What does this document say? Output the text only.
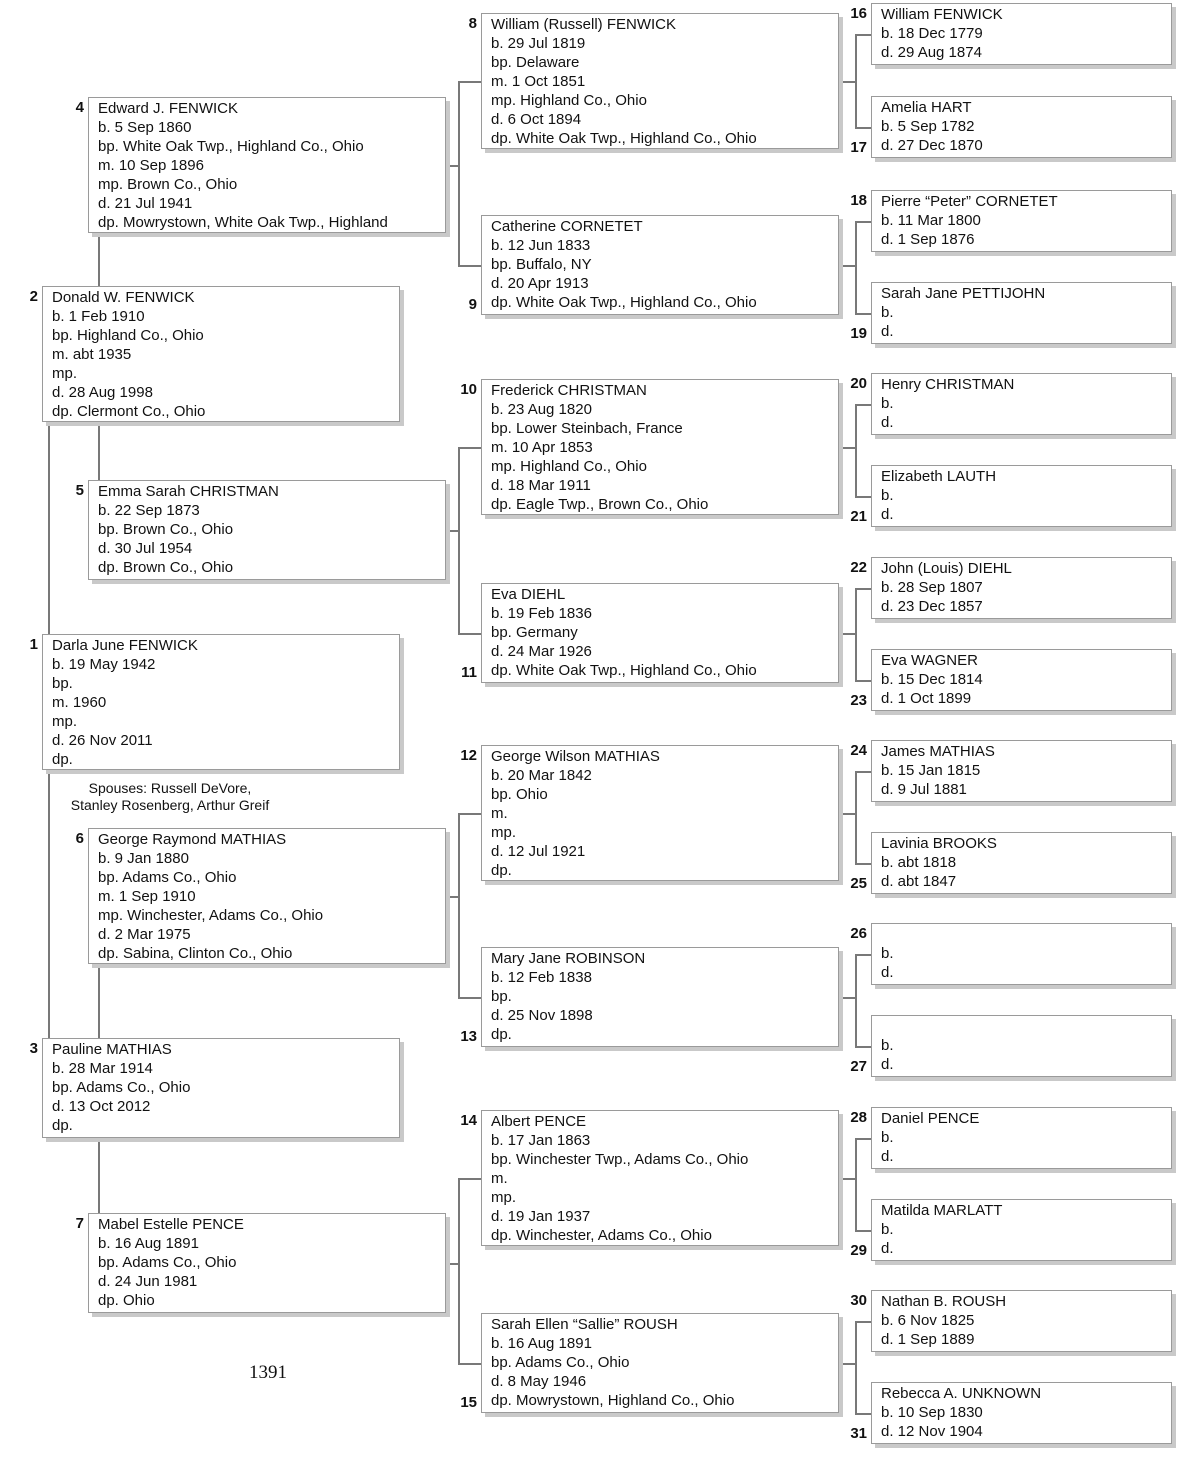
Edward J. FENWICK
b. 5 Sep 1860
bp. White Oak Twp., Highland Co., Ohio
m. 10 Sep 1896
mp. Brown Co., Ohio
d. 21 Jul 1941
dp. Mowrystown, White Oak Twp., Highland
4
Donald W. FENWICK
b. 1 Feb 1910
bp. Highland Co., Ohio
m. abt 1935
mp.
d. 28 Aug 1998
dp. Clermont Co., Ohio
2
Emma Sarah CHRISTMAN
b. 22 Sep 1873
bp. Brown Co., Ohio
d. 30 Jul 1954
dp. Brown Co., Ohio
5
Darla June FENWICK
b. 19 May 1942
bp.
m. 1960
mp.
d. 26 Nov 2011
dp.
1
Spouses: Russell DeVore,
Stanley Rosenberg, Arthur Greif
George Raymond MATHIAS
b. 9 Jan 1880
bp. Adams Co., Ohio
m. 1 Sep 1910
mp. Winchester, Adams Co., Ohio
d. 2 Mar 1975
dp. Sabina, Clinton Co., Ohio
6
Pauline MATHIAS
b. 28 Mar 1914
bp. Adams Co., Ohio
d. 13 Oct 2012
dp.
3
Mabel Estelle PENCE
b. 16 Aug 1891
bp. Adams Co., Ohio
d. 24 Jun 1981
dp. Ohio
7
1391
William (Russell) FENWICK
b. 29 Jul 1819
bp. Delaware
m. 1 Oct 1851
mp. Highland Co., Ohio
d. 6 Oct 1894
dp. White Oak Twp., Highland Co., Ohio
8
Catherine CORNETET
b. 12 Jun 1833
bp. Buffalo, NY
d. 20 Apr 1913
dp. White Oak Twp., Highland Co., Ohio
9
Frederick CHRISTMAN
b. 23 Aug 1820
bp. Lower Steinbach, France
m. 10 Apr 1853
mp. Highland Co., Ohio
d. 18 Mar 1911
dp. Eagle Twp., Brown Co., Ohio
10
Eva DIEHL
b. 19 Feb 1836
bp. Germany
d. 24 Mar 1926
dp. White Oak Twp., Highland Co., Ohio
11
George Wilson MATHIAS
b. 20 Mar 1842
bp. Ohio
m.
mp.
d. 12 Jul 1921
dp.
12
Mary Jane ROBINSON
b. 12 Feb 1838
bp.
d. 25 Nov 1898
dp.
13
Albert PENCE
b. 17 Jan 1863
bp. Winchester Twp., Adams Co., Ohio
m.
mp.
d. 19 Jan 1937
dp. Winchester, Adams Co., Ohio
14
Sarah Ellen “Sallie” ROUSH
b. 16 Aug 1891
bp. Adams Co., Ohio
d. 8 May 1946
dp. Mowrystown, Highland Co., Ohio
15
William FENWICK
b. 18 Dec 1779
d. 29 Aug 1874
16
Amelia HART
b. 5 Sep 1782
d. 27 Dec 1870
17
Pierre “Peter” CORNETET
b. 11 Mar 1800
d. 1 Sep 1876
18
Sarah Jane PETTIJOHN
b.
d.
19
Henry CHRISTMAN
b.
d.
20
Elizabeth LAUTH
b.
d.
21
John (Louis) DIEHL
b. 28 Sep 1807
d. 23 Dec 1857
22
Eva WAGNER
b. 15 Dec 1814
d. 1 Oct 1899
23
James MATHIAS
b. 15 Jan 1815
d. 9 Jul 1881
24
Lavinia BROOKS
b. abt 1818
d. abt 1847
25
b.
d.
26
b.
d.
27
Daniel PENCE
b.
d.
28
Matilda MARLATT
b.
d.
29
Nathan B. ROUSH
b. 6 Nov 1825
d. 1 Sep 1889
30
Rebecca A. UNKNOWN
b. 10 Sep 1830
d. 12 Nov 1904
31
